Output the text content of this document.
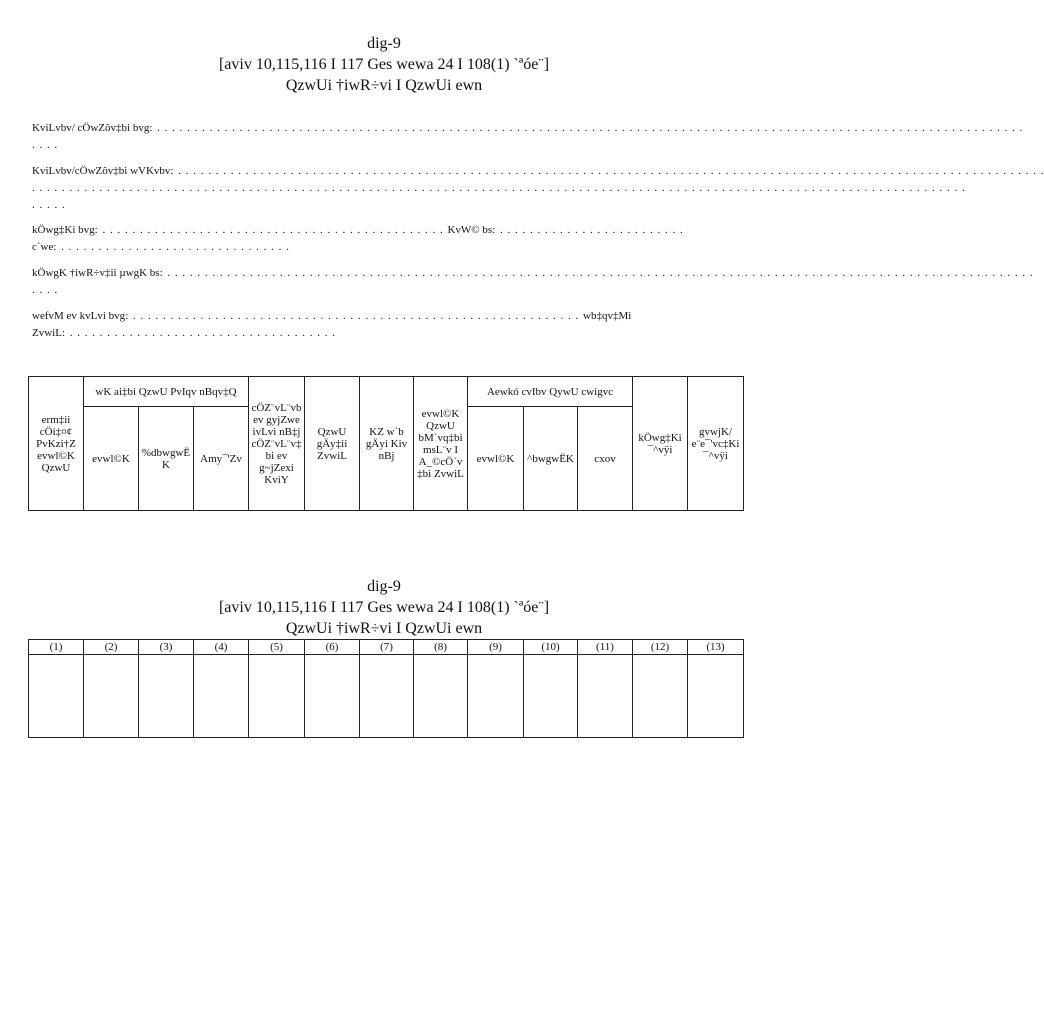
dig-9
[aviv 10,115,116 I 117 Ges wewa 24 I 108(1) `ªóe¨]
QzwUi †iwR÷vi I QzwUi ewn
KviLvbv/ cÖwZôv‡bi bvg: . . . . . . . . . . . . . . . . . . . . . . . . . . . . . . . . . . . . . . . . . . . . . . . . . . . . . . . . . . . . . . . . . . . . . . . . . . . . . . . . . . . . . . . . . . . . . . . . . . . . . . . . . . . . . . . . . . . .
. . . .
KviLvbv/cÖwZôv‡bi wVKvbv: . . . . . . . . . . . . . . . . . . . . . . . . . . . . . . . . . . . . . . . . . . . . . . . . . . . . . . . . . . . . . . . . . . . . . . . . . . . . . . . . . . . . . . . . . . . . . . . . . . . . . . . . . . . . . . . . . . . .
. . . . . . . . . . . . . . . . . . . . . . . . . . . . . . . . . . . . . . . . . . . . . . . . . . . . . . . . . . . . . . . . . . . . . . . . . . . . . . . . . . . . . . . . . . . . . . . . . . . . . . . . . . . . . . . . . . . . . . . . . . . . .
. . . . .
kÖwg‡Ki bvg: . . . . . . . . . . . . . . . . . . . . . . . . . . . . . . . . . . . . . . . . . . . . . . KvW© bs: . . . . . . . . . . . . . . . . . . . . . . . . .
c`we: . . . . . . . . . . . . . . . . . . . . . . . . . . . . . . .
kÖwgK †iwR÷v‡ii µwgK bs: . . . . . . . . . . . . . . . . . . . . . . . . . . . . . . . . . . . . . . . . . . . . . . . . . . . . . . . . . . . . . . . . . . . . . . . . . . . . . . . . . . . . . . . . . . . . . . . . . . . . . . . . . . . . . . . . . . . .
. . . .
wefvM ev kvLvi bvg: . . . . . . . . . . . . . . . . . . . . . . . . . . . . . . . . . . . . . . . . . . . . . . . . . . . . . . . . . . . . wb‡qv‡Mi
ZvwiL: . . . . . . . . . . . . . . . . . . . . . . . . . . . . . . . . . . . .
erm‡ii cÖi‡¤¢ PvKzi†Z evwl©K QzwU	wK ai‡bi QzwU PvIqv nBqv‡Q			cÖZ¨vL¨vb ev gyjZwe ivLvi nB‡j cÖZ¨vL¨v‡bi ev g~jZexi KviY	QzwU gÄy‡ii ZvwiL	KZ w`b gÄyi Kiv nBj	evwl©K QzwU bM`vq‡bi msL¨v I A_©cÖ`v‡bi ZvwiL	Aewkó cvIbv QywU cwigvc			kÖwg‡Ki ¯^vÿi	gvwjK/ e¨e¯'vc‡Ki ¯^vÿi
	evwl©K	%dbwgwËK	Amy¯'Zv					evwl©K	^bwgwËK	cxov		
dig-9
[aviv 10,115,116 I 117 Ges wewa 24 I 108(1) `ªóe¨]
QzwUi †iwR÷vi I QzwUi ewn
(1)	(2)	(3)	(4)	(5)	(6)	(7)	(8)	(9)	(10)	(11)	(12)	(13)
